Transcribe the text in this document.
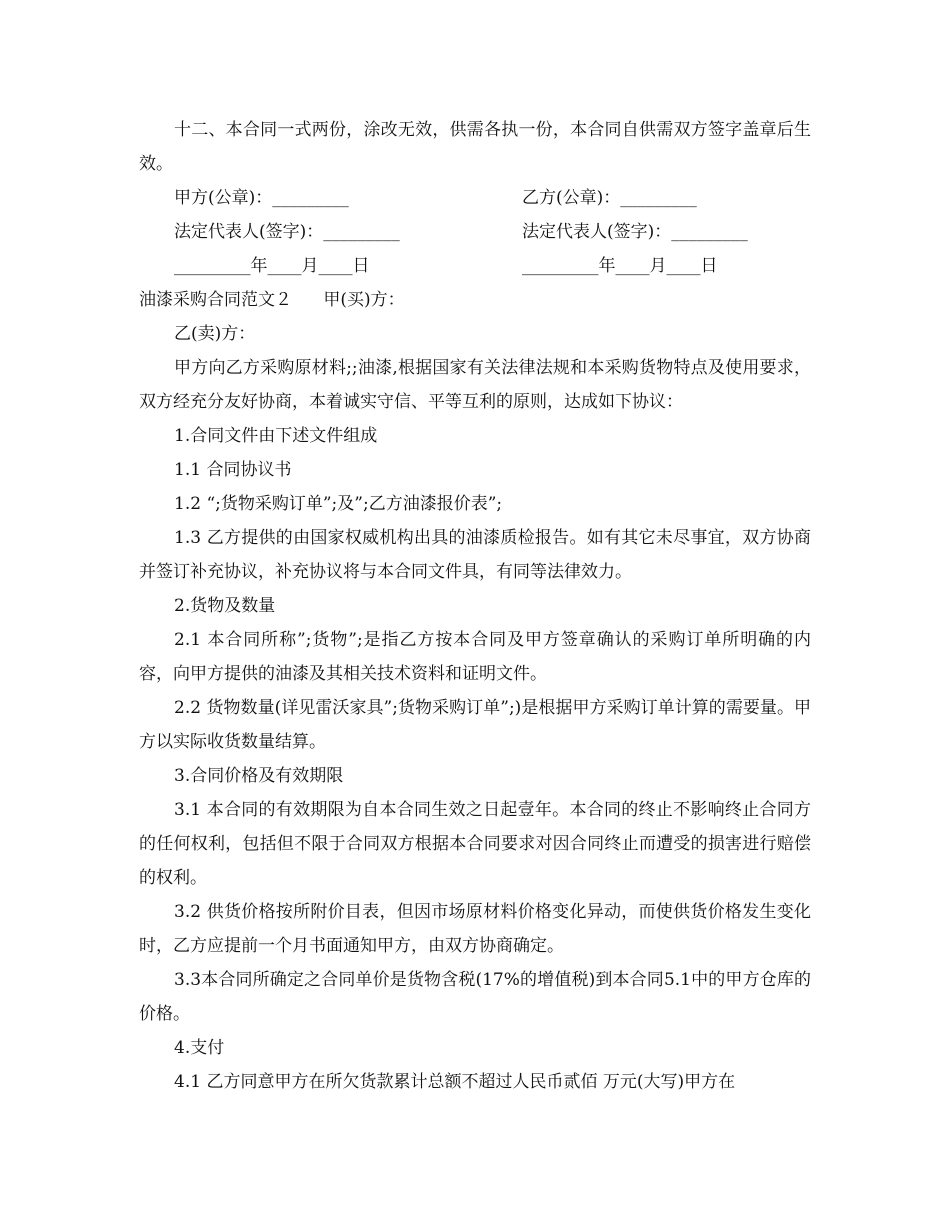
十二、本合同一式两份，涂改无效，供需各执一份，本合同自供需双方签字盖章后生效。

甲方(公章)：_________	乙方(公章)：_________
法定代表人(签字)：_________	法定代表人(签字)：_________
_________年____月____日	_________年____月____日
油漆采购合同范文２ 甲(买)方：

乙(卖)方：

甲方向乙方采购原材料;;油漆,根据国家有关法律法规和本采购货物特点及使用要求，双方经充分友好协商，本着诚实守信、平等互利的原则，达成如下协议：

1.合同文件由下述文件组成

1.1 合同协议书

1.2 “;货物采购订单”;及”;乙方油漆报价表”;

1.3 乙方提供的由国家权威机构出具的油漆质检报告。如有其它未尽事宜，双方协商并签订补充协议，补充协议将与本合同文件具，有同等法律效力。

2.货物及数量

2.1 本合同所称”;货物”;是指乙方按本合同及甲方签章确认的采购订单所明确的内容，向甲方提供的油漆及其相关技术资料和证明文件。

2.2 货物数量(详见雷沃家具”;货物采购订单”;)是根据甲方采购订单计算的需要量。甲方以实际收货数量结算。

3.合同价格及有效期限

3.1 本合同的有效期限为自本合同生效之日起壹年。本合同的终止不影响终止合同方的任何权利，包括但不限于合同双方根据本合同要求对因合同终止而遭受的损害进行赔偿的权利。

3.2 供货价格按所附价目表，但因市场原材料价格变化异动，而使供货价格发生变化时，乙方应提前一个月书面通知甲方，由双方协商确定。

3.3本合同所确定之合同单价是货物含税(17%的增值税)到本合同5.1中的甲方仓库的价格。

4.支付

4.1 乙方同意甲方在所欠货款累计总额不超过人民币贰佰 万元(大写)甲方在
